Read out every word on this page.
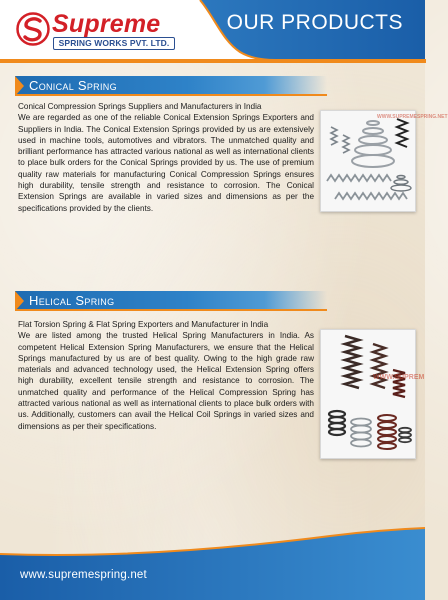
Supreme
SPRING WORKS PVT. LTD.
OUR PRODUCTS
Conical Spring

Conical Compression Springs Suppliers and Manufacturers in India

We are regarded as one of the reliable Conical Extension Springs Exporters and Suppliers in India. The Conical Extension Springs provided by us are extensively used in machine tools, automotives and vibrators. The unmatched quality and brilliant performance has attracted various national as well as international clients to place bulk orders for the Conical Springs provided by us. The use of premium quality raw materials for manufacturing Conical Compression Springs ensures high durability, tensile strength and resistance to corrosion. The Conical Extension Springs are available in varied sizes and dimensions as per the specifications provided by the clients.

WWW.SUPREMESPRING.NET
Helical Spring

Flat Torsion Spring & Flat Spring Exporters and Manufacturer in India

We are listed among the trusted Helical Spring Manufacturers in India. As competent Helical Extension Spring Manufacturers, we ensure that the Helical Springs manufactured by us are of best quality. Owing to the high grade raw materials and advanced technology used, the Helical Extension Spring offers high durability, excellent tensile strength and resistance to corrosion. The unmatched quality and performance of the Helical Compression Spring has attracted various national as well as international clients to place bulk orders with us. Additionally, customers can avail the Helical Coil Springs in varied sizes and dimensions as per their specifications.

WWW.SUPREM
www.supremespring.net
